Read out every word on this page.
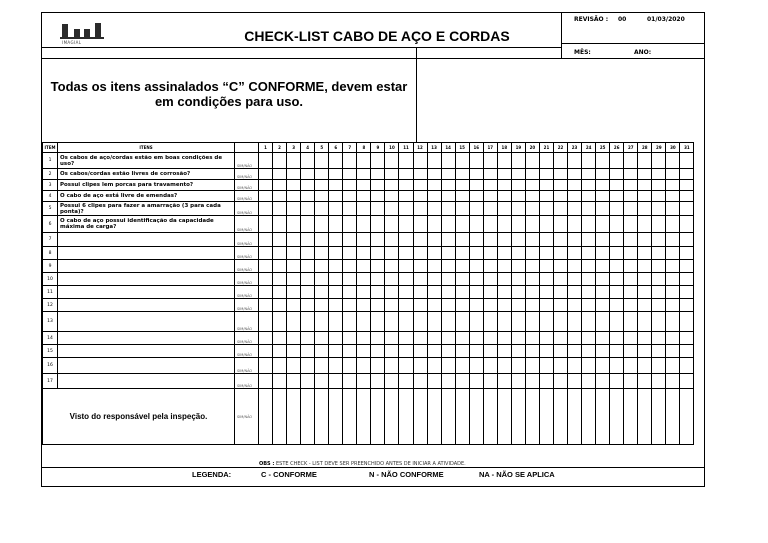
IMAGIAL	CHECK-LIST CABO DE AÇO E CORDAS
REVISÃO : 00	01/03/2020
MÊS:	ANO:
Todas os itens assinalados “C” CONFORME, devem estar em condições para uso.
ITEM	ITENS		1	2	3	4	5	6	7	8	9	10	11	12	13	14	15	16	17	18	19	20	21	22	23	24	25	26	27	28	29	30	31
1	Os cabos de aço/cordas estão em boas condições de uso?	SIM/NÃO																															
2	Os cabos/cordas estão livres de corrosão?	SIM/NÃO																															
3	Possui clipes lem porcas para travamento?	SIM/NÃO																															
4	O cabo de aço está livre de emendas?	SIM/NÃO																															
5	Possui 6 clipes para fazer a amarração (3 para cada ponta)?	SIM/NÃO																															
6	O cabo de aço possui identificação da capacidade máxima de carga?	SIM/NÃO																															
7		SIM/NÃO																															
8		SIM/NÃO																															
9		SIM/NÃO																															
10		SIM/NÃO																															
11		SIM/NÃO																															
12		SIM/NÃO																															
13		SIM/NÃO																															
14		SIM/NÃO																															
15		SIM/NÃO																															
16		SIM/NÃO																															
17		SIM/NÃO																															
Visto do responsável pela inspeção.		SIM/NÃO																															
OBS : ESTE CHECK - LIST DEVE SER PREENCHIDO ANTES DE INICIAR A ATIVIDADE.
LEGENDA:	C - CONFORME	N - NÃO CONFORME	NA - NÃO SE APLICA
